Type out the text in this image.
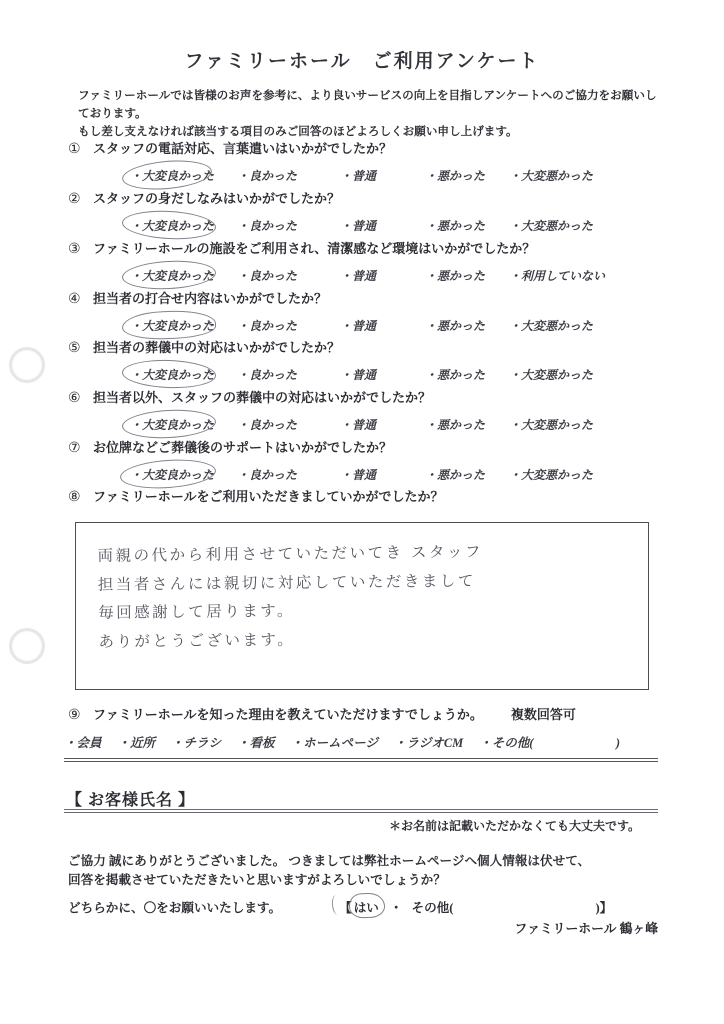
ファミリーホール　ご利用アンケート
ファミリーホールでは皆様のお声を参考に、より良いサービスの向上を目指しアンケートへのご協力をお願いしております。
もし差し支えなければ該当する項目のみご回答のほどよろしくお願い申し上げます。
① スタッフの電話対応、言葉遣いはいかがでしたか？
・大変良かった	・良かった	・普通	・悪かった	・大変悪かった
② スタッフの身だしなみはいかがでしたか？
・大変良かった	・良かった	・普通	・悪かった	・大変悪かった
③ ファミリーホールの施設をご利用され、清潔感など環境はいかがでしたか？
・大変良かった	・良かった	・普通	・悪かった	・利用していない
④ 担当者の打合せ内容はいかがでしたか？
・大変良かった	・良かった	・普通	・悪かった	・大変悪かった
⑤ 担当者の葬儀中の対応はいかがでしたか？
・大変良かった	・良かった	・普通	・悪かった	・大変悪かった
⑥ 担当者以外、スタッフの葬儀中の対応はいかがでしたか？
・大変良かった	・良かった	・普通	・悪かった	・大変悪かった
⑦ お位牌などご葬儀後のサポートはいかがでしたか？
・大変良かった	・良かった	・普通	・悪かった	・大変悪かった
⑧ ファミリーホールをご利用いただきましていかがでしたか？
両親の代から利用させていただいてき スタッフ
担当者さんには親切に対応していただきまして
毎回感謝して居ります。
ありがとうございます。
⑨ ファミリーホールを知った理由を教えていただけますでしょうか。 複数回答可
・会員 ・近所 ・チラシ ・看板 ・ホームページ ・ラジオCM ・その他(	)
【 お客様氏名 】
＊お名前は記載いただかなくても大丈夫です。
ご協力 誠にありがとうございました。 つきましては弊社ホームページへ個人情報は伏せて、
回答を掲載させていただきたいと思いますがよろしいでしょうか？
どちらかに、〇をお願いいたします。	【 はい ・ その他(	)】
ファミリーホール 鶴ヶ峰
